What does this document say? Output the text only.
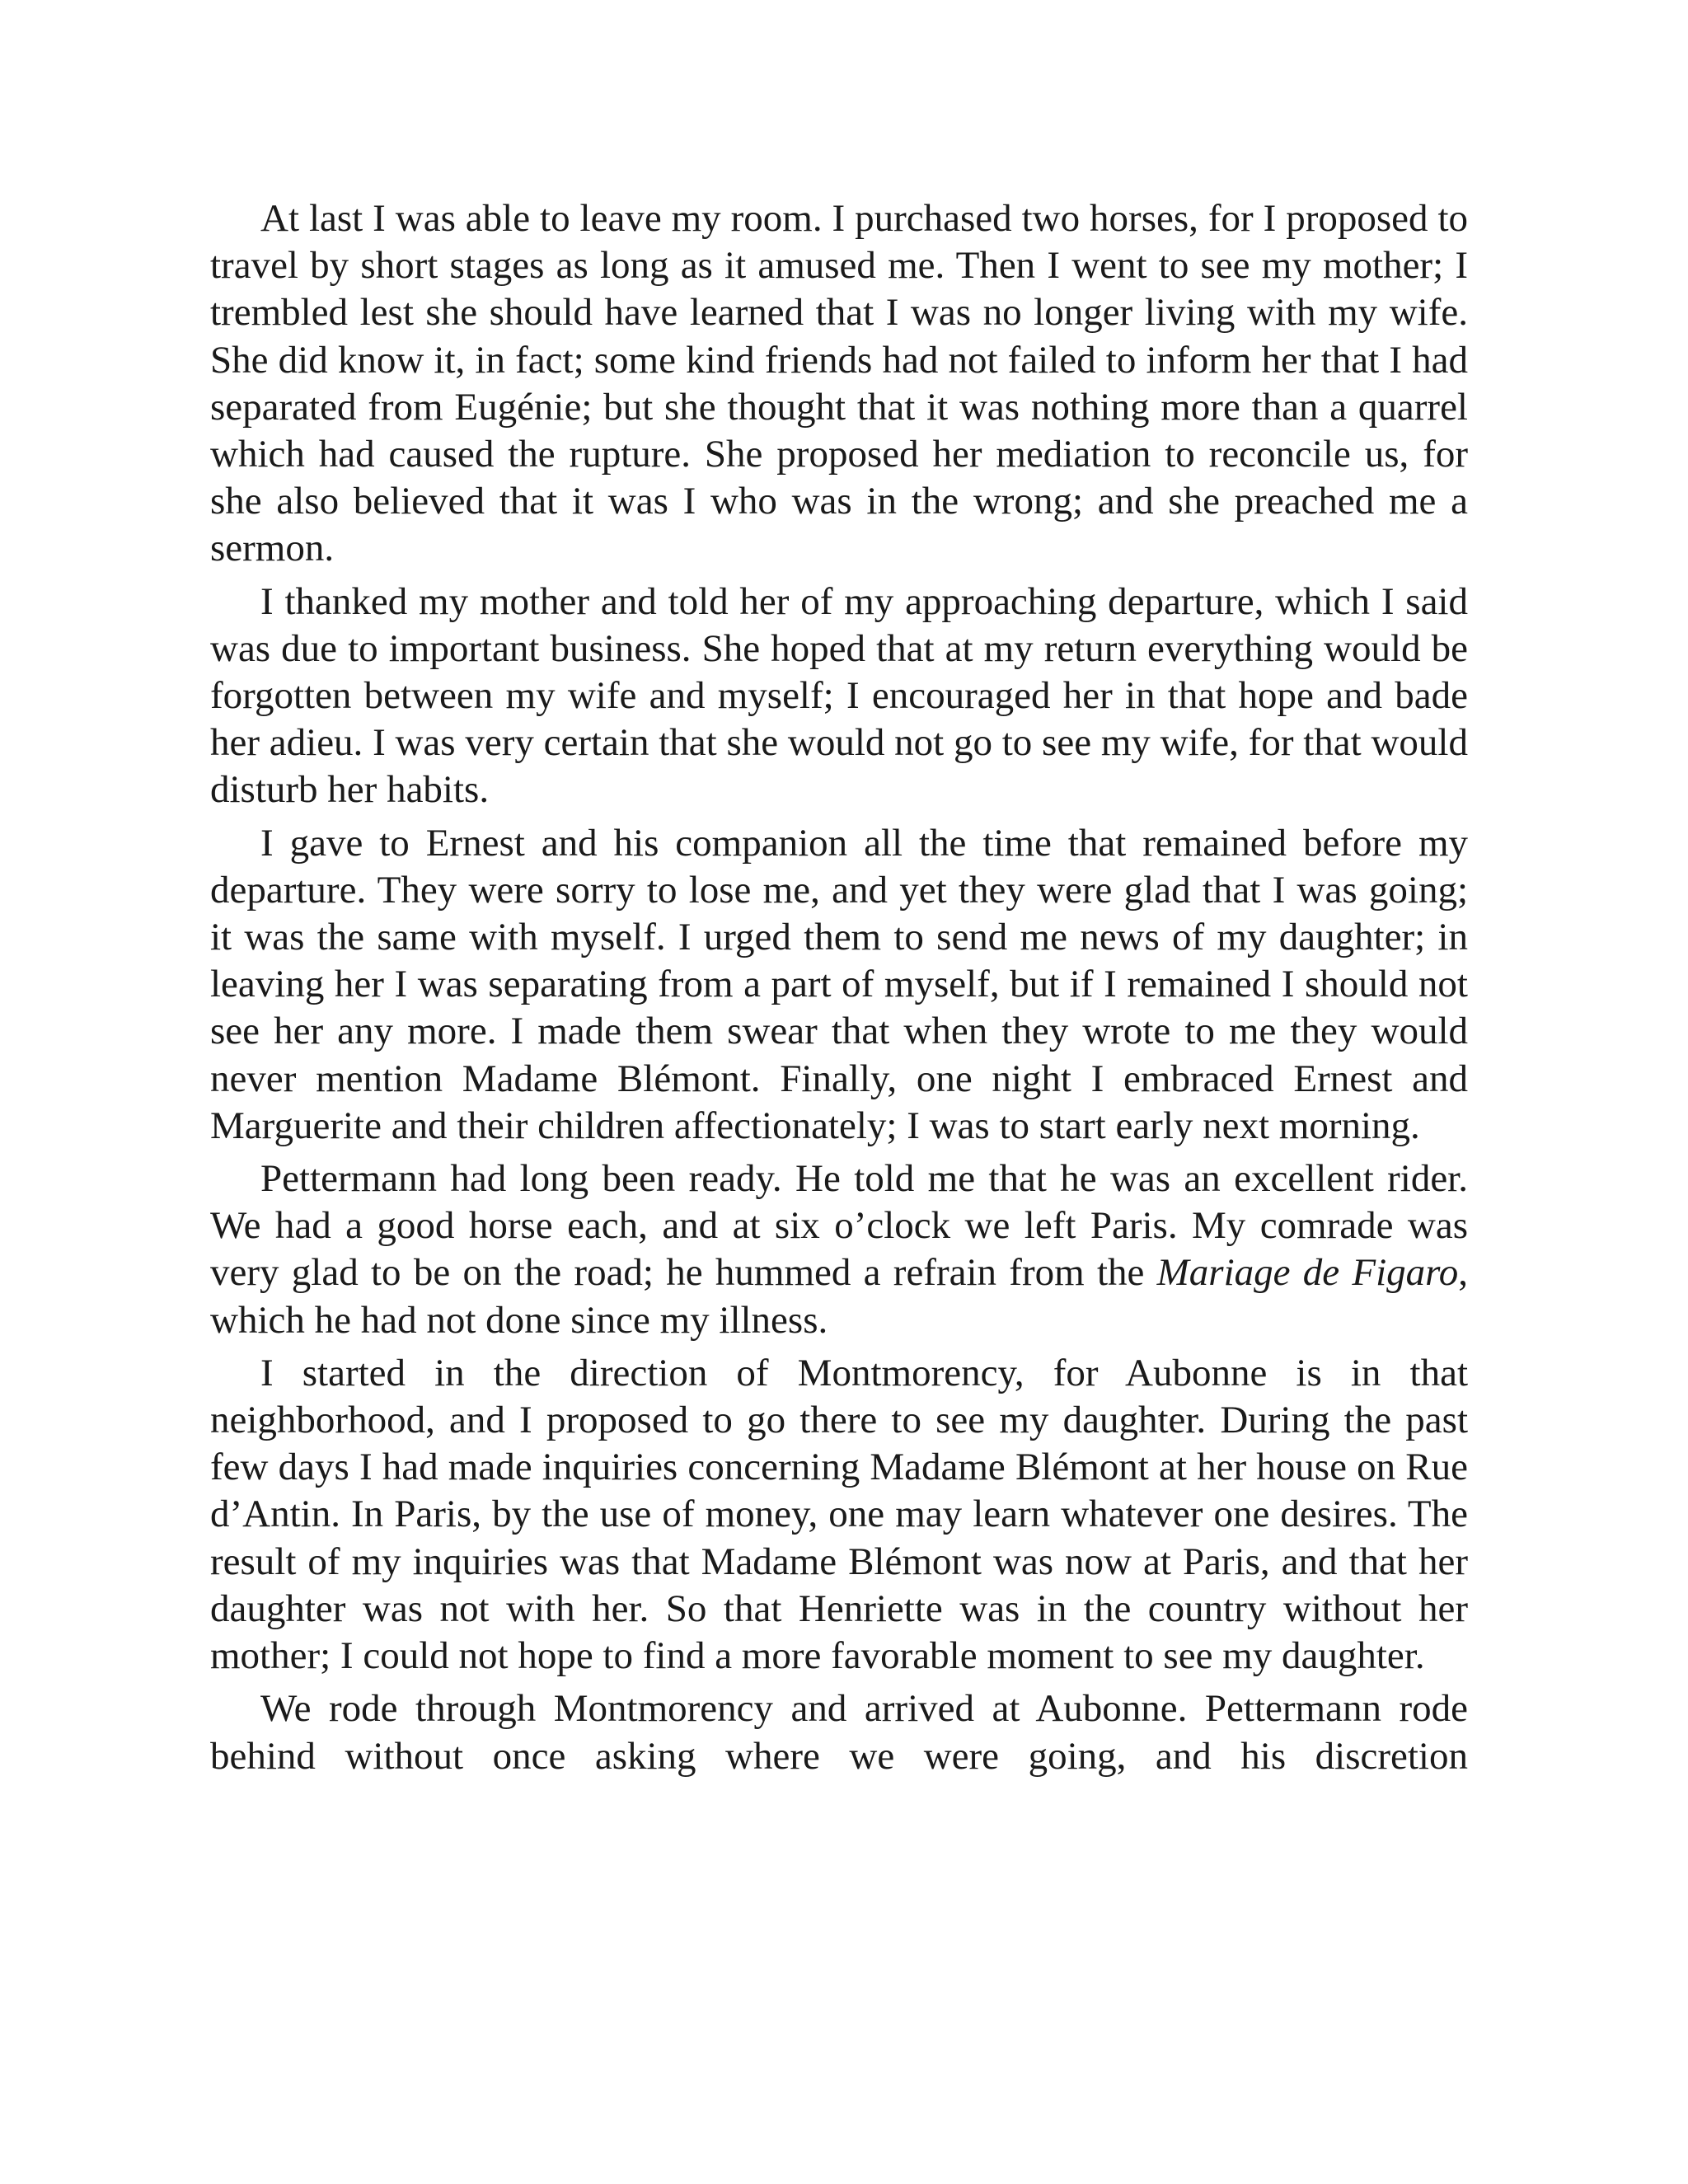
At last I was able to leave my room. I purchased two horses, for I proposed to travel by short stages as long as it amused me. Then I went to see my mother; I trembled lest she should have learned that I was no longer living with my wife. She did know it, in fact; some kind friends had not failed to inform her that I had separated from Eugénie; but she thought that it was nothing more than a quarrel which had caused the rupture. She proposed her mediation to reconcile us, for she also believed that it was I who was in the wrong; and she preached me a sermon.

I thanked my mother and told her of my approaching departure, which I said was due to important business. She hoped that at my return everything would be forgotten between my wife and myself; I encouraged her in that hope and bade her adieu. I was very certain that she would not go to see my wife, for that would disturb her habits.

I gave to Ernest and his companion all the time that remained before my departure. They were sorry to lose me, and yet they were glad that I was going; it was the same with myself. I urged them to send me news of my daughter; in leaving her I was separating from a part of myself, but if I remained I should not see her any more. I made them swear that when they wrote to me they would never mention Madame Blémont. Finally, one night I embraced Ernest and Marguerite and their children affectionately; I was to start early next morning.

Pettermann had long been ready. He told me that he was an excellent rider. We had a good horse each, and at six o’clock we left Paris. My comrade was very glad to be on the road; he hummed a refrain from the Mariage de Figaro, which he had not done since my illness.

I started in the direction of Montmorency, for Aubonne is in that neighborhood, and I proposed to go there to see my daughter. During the past few days I had made inquiries concerning Madame Blémont at her house on Rue d’Antin. In Paris, by the use of money, one may learn whatever one desires. The result of my inquiries was that Madame Blémont was now at Paris, and that her daughter was not with her. So that Henriette was in the country without her mother; I could not hope to find a more favorable moment to see my daughter.

We rode through Montmorency and arrived at Aubonne. Pettermann rode behind without once asking where we were going, and his discretion
